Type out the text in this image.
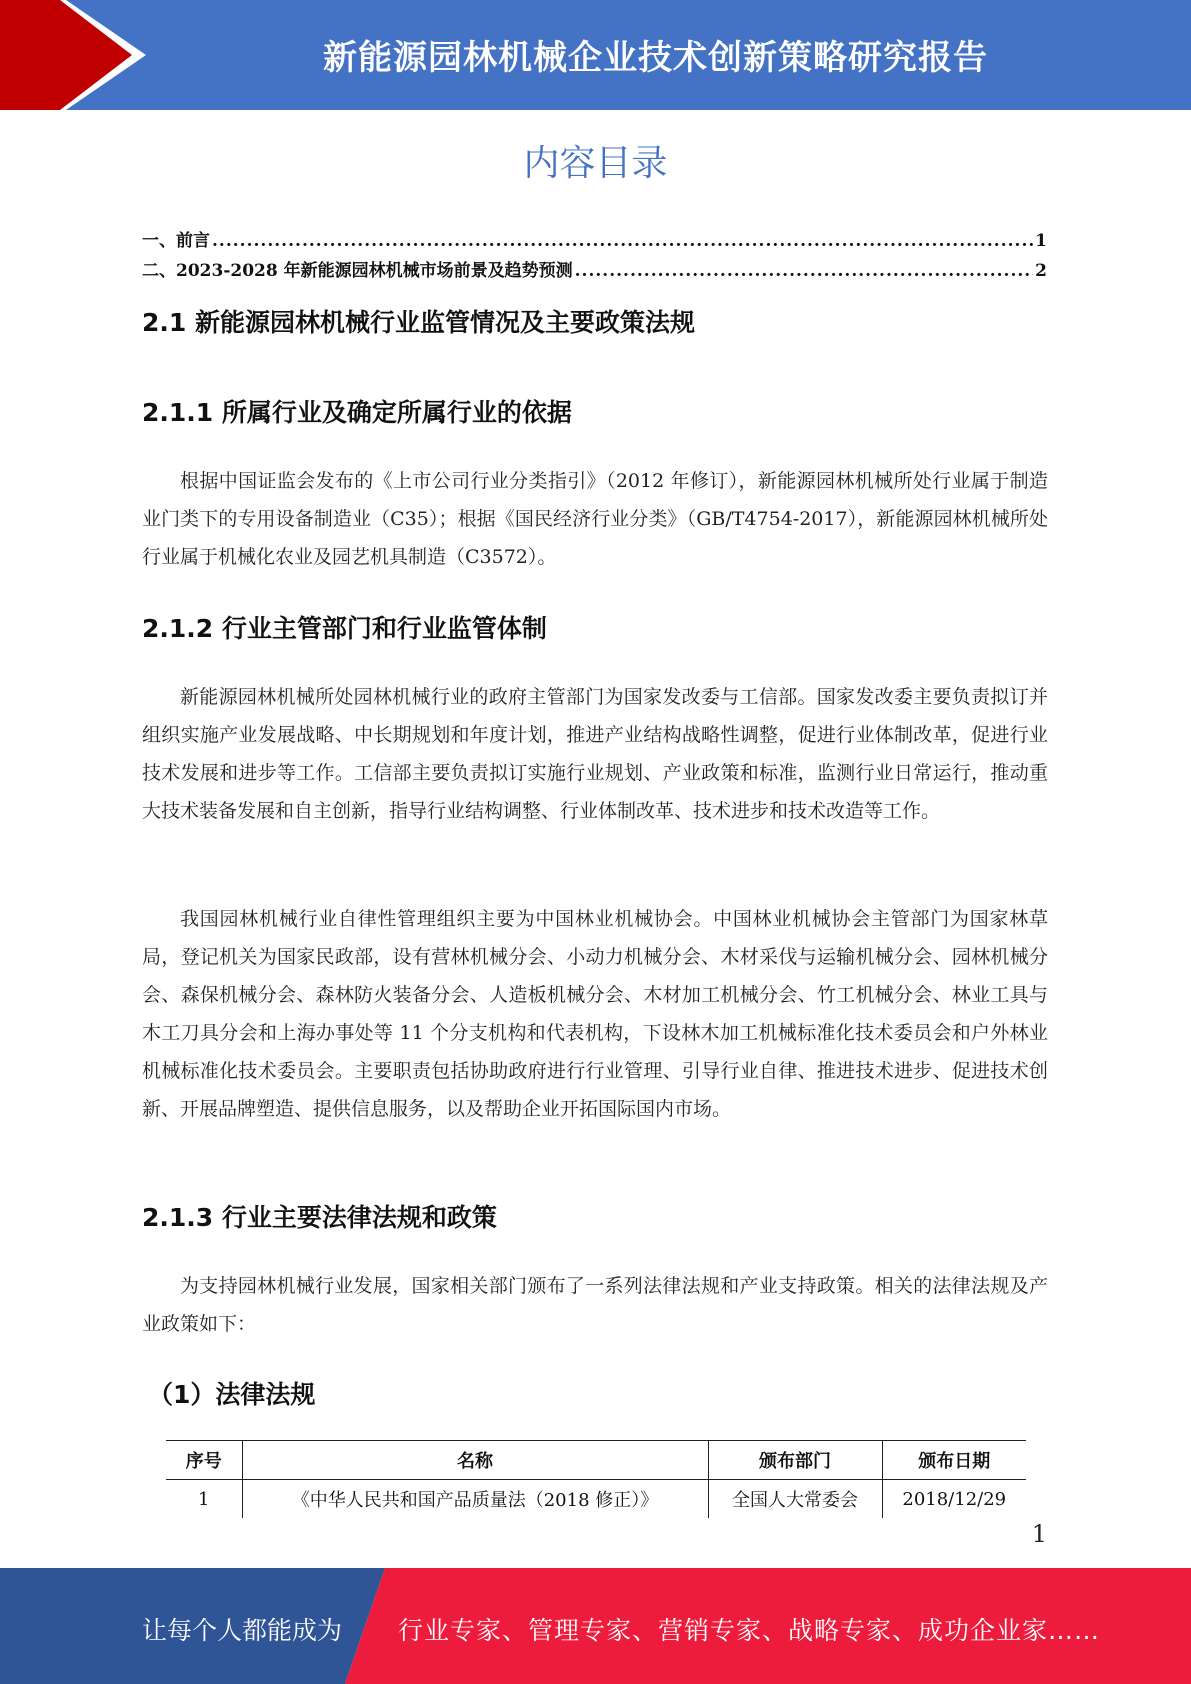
新能源园林机械企业技术创新策略研究报告
内容目录
一、前言 .....	1
二、2023-2028 年新能源园林机械市场前景及趋势预测 .....	2
2.1 新能源园林机械行业监管情况及主要政策法规
2.1.1 所属行业及确定所属行业的依据

根据中国证监会发布的《上市公司行业分类指引》（2012 年修订），新能源园林机械所处行业属于制造业门类下的专用设备制造业（C35）；根据《国民经济行业分类》（GB/T4754-2017），新能源园林机械所处行业属于机械化农业及园艺机具制造（C3572）。

2.1.2 行业主管部门和行业监管体制

新能源园林机械所处园林机械行业的政府主管部门为国家发改委与工信部。国家发改委主要负责拟订并组织实施产业发展战略、中长期规划和年度计划，推进产业结构战略性调整，促进行业体制改革，促进行业技术发展和进步等工作。工信部主要负责拟订实施行业规划、产业政策和标准，监测行业日常运行，推动重大技术装备发展和自主创新，指导行业结构调整、行业体制改革、技术进步和技术改造等工作。

我国园林机械行业自律性管理组织主要为中国林业机械协会。中国林业机械协会主管部门为国家林草局，登记机关为国家民政部，设有营林机械分会、小动力机械分会、木材采伐与运输机械分会、园林机械分会、森保机械分会、森林防火装备分会、人造板机械分会、木材加工机械分会、竹工机械分会、林业工具与木工刀具分会和上海办事处等 11 个分支机构和代表机构，下设林木加工机械标准化技术委员会和户外林业机械标准化技术委员会。主要职责包括协助政府进行行业管理、引导行业自律、推进技术进步、促进技术创新、开展品牌塑造、提供信息服务，以及帮助企业开拓国际国内市场。

2.1.3 行业主要法律法规和政策

为支持园林机械行业发展，国家相关部门颁布了一系列法律法规和产业支持政策。相关的法律法规及产业政策如下：

（1）法律法规
序号	名称	颁布部门	颁布日期
1	《中华人民共和国产品质量法（2018 修正）》	全国人大常委会	2018/12/29
1
让每个人都能成为 行业专家、管理专家、营销专家、战略专家、成功企业家……
